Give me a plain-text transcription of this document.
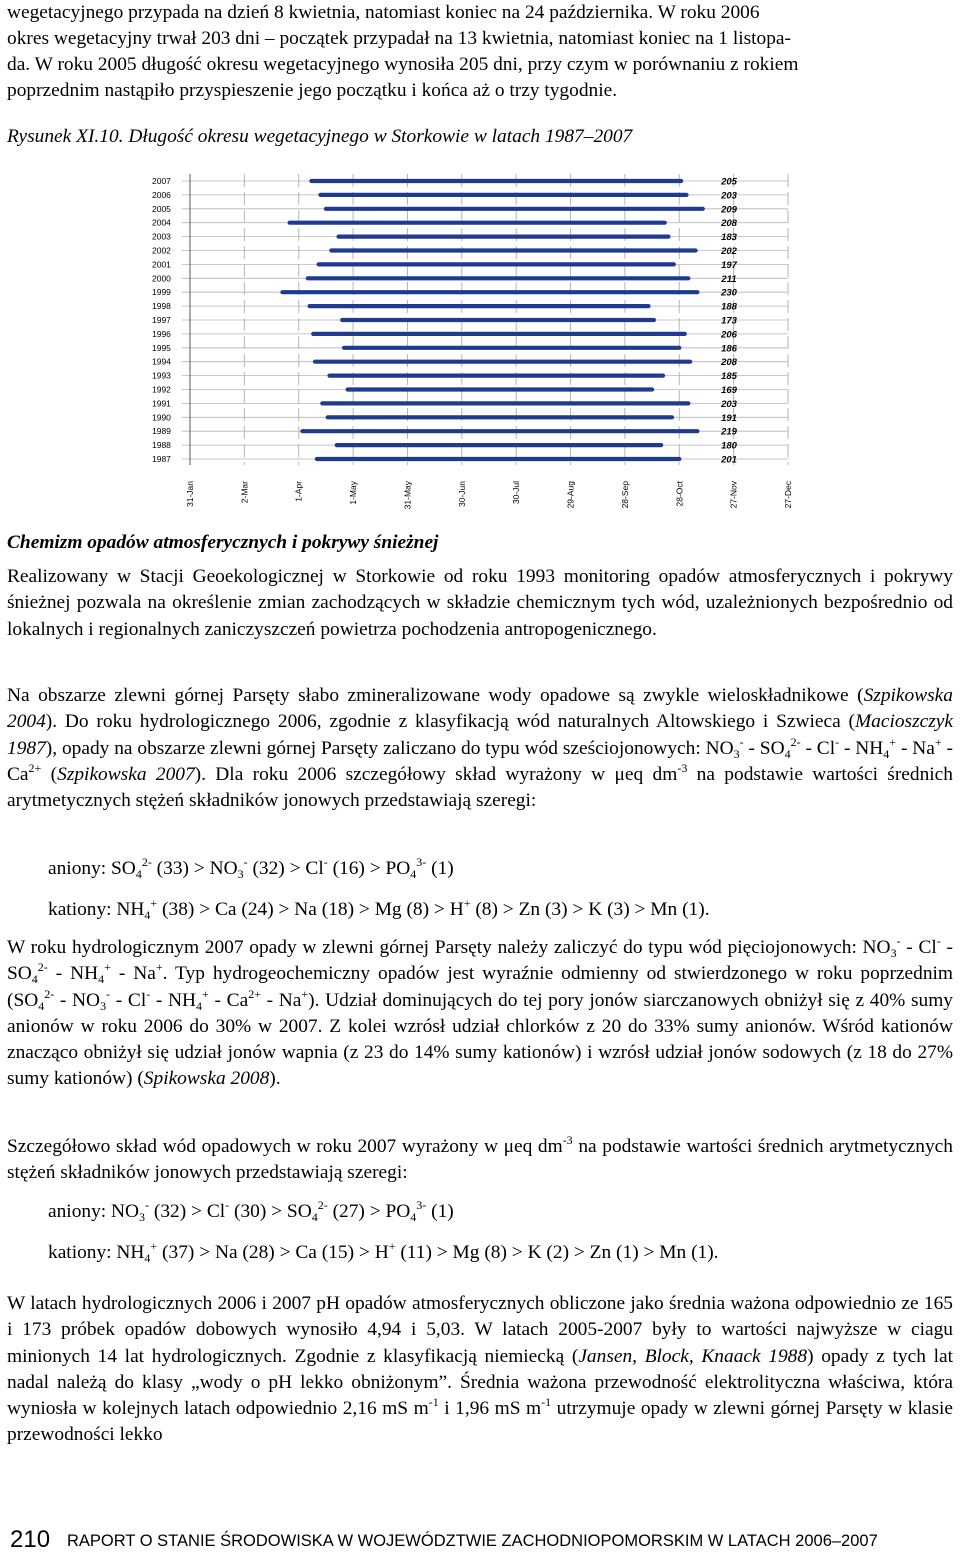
wegetacyjnego przypada na dzień 8 kwietnia, natomiast koniec na 24 października. W roku 2006
okres wegetacyjny trwał 203 dni – początek przypadał na 13 kwietnia, natomiast koniec na 1 listopa-
da. W roku 2005 długość okresu wegetacyjnego wynosiła 205 dni, przy czym w porównaniu z rokiem
poprzednim nastąpiło przyspieszenie jego początku i końca aż o trzy tygodnie.
Rysunek XI.10. Długość okresu wegetacyjnego w Storkowie w latach 1987–2007
31-Jan	2-Mar	1-Apr	1-May	31-May	30-Jun	30-Jul	29-Aug	28-Sep	28-Oct	27-Nov	27-Dec
2007	205
2006	203
2005	209
2004	208
2003	183
2002	202
2001	197
2000	211
1999	230
1998	188
1997	173
1996	206
1995	186
1994	208
1993	185
1992	169
1991	203
1990	191
1989	219
1988	180
1987	201
Chemizm opadów atmosferycznych i pokrywy śnieżnej
Realizowany w Stacji Geoekologicznej w Storkowie od roku 1993 monitoring opadów atmosferycznych i pokrywy śnieżnej pozwala na określenie zmian zachodzących w składzie chemicznym tych wód, uzależnionych bezpośrednio od lokalnych i regionalnych zaniczyszczeń powietrza pochodzenia antropogenicznego.
Na obszarze zlewni górnej Parsęty słabo zmineralizowane wody opadowe są zwykle wieloskładnikowe (Szpikowska 2004). Do roku hydrologicznego 2006, zgodnie z klasyfikacją wód naturalnych Altowskiego i Szwieca (Macioszczyk 1987), opady na obszarze zlewni górnej Parsęty zaliczano do typu wód sześciojonowych: $NO_3^- - SO_4^{2-} - Cl^- - NH_4^+ - Na^+ - Ca^{2+}$ (Szpikowska 2007). Dla roku 2006 szczegółowy skład wyrażony w μeq $dm^{-3}$ na podstawie wartości średnich arytmetycznych stężeń składników jonowych przedstawiają szeregi:
aniony: $SO_4^{2-}$ $(33) > NO_3^-$ (32) > Cl- $(16) > PO_4^{3-}$ (1)
kationy: $NH_4^+$ (38) > Ca (24) > Na (18) > Mg (8) > H+ (8) > Zn (3) > K (3) > Mn (1).
W roku hydrologicznym 2007 opady w zlewni górnej Parsęty należy zaliczyć do typu wód pięciojonowych: $NO_3^- - Cl^- - SO_4^{2-} - NH_4^+ - Na^+$. Typ hydrogeochemiczny opadów jest wyraźnie odmienny od stwierdzonego w roku poprzednim $(SO_4^{2-} - NO_3^- - Cl^- - NH_4^+ - Ca^{2+} - Na^+)$. Udział dominujących do tej pory jonów siarczanowych obniżył się z 40% sumy anionów w roku 2006 do 30% w 2007. Z kolei wzrósł udział chlorków z 20 do 33% sumy anionów. Wśród kationów znacząco obniżył się udział jonów wapnia (z 23 do 14% sumy kationów) i wzrósł udział jonów sodowych (z 18 do 27% sumy kationów) (Spikowska 2008).
Szczegółowo skład wód opadowych w roku 2007 wyrażony w μeq $dm^{-3}$ na podstawie wartości średnich arytmetycznych stężeń składników jonowych przedstawiają szeregi:
aniony: $NO_3^-$ (32) > Cl- $(30) > SO_4^{2-}$ $(27) > PO_4^{3-}$ (1)
kationy: $NH_4^+$ (37) > Na (28) > Ca (15) > H+ (11) > Mg (8) > K (2) > Zn (1) > Mn (1).
W latach hydrologicznych 2006 i 2007 pH opadów atmosferycznych obliczone jako średnia ważona odpowiednio ze 165 i 173 próbek opadów dobowych wynosiło 4,94 i 5,03. W latach 2005-2007 były to wartości najwyższe w ciagu minionych 14 lat hydrologicznych. Zgodnie z klasyfikacją niemiecką (Jansen, Block, Knaack 1988) opady z tych lat nadal należą do klasy „wody o pH lekko obniżonym”. Średnia ważona przewodność elektrolityczna właściwa, która wyniosła w kolejnych latach odpowiednio 2,16 mS $m^{-1}$ i 1,96 mS $m^{-1}$ utrzymuje opady w zlewni górnej Parsęty w klasie przewodności lekko
210 RAPORT O STANIE ŚRODOWISKA W WOJEWÓDZTWIE ZACHODNIOPOMORSKIM W LATACH 2006–2007
